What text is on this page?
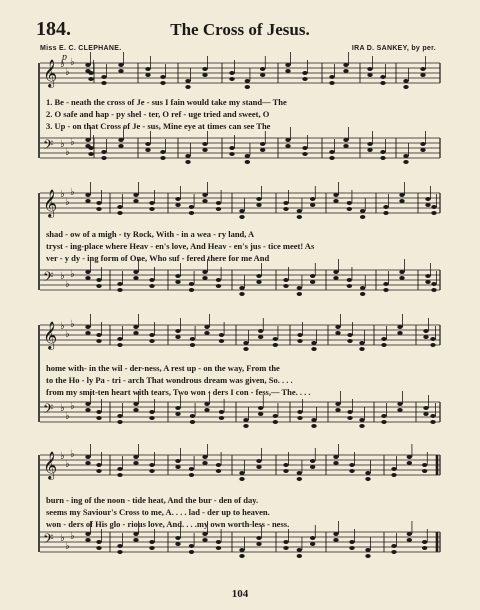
184.	The Cross of Jesus.
Miss E. C. CLEPHANE.	IRA D. SANKEY, by per.
𝄞 ♭
♭
♭
𝄢 ♭
♭
♭
𝄞 ♭
♭
♭
𝄢 ♭
♭
♭
𝄞 ♭
♭
♭
𝄢 ♭
♭
♭
𝄞 ♭
♭
♭
𝄢 ♭
♭
♭
p
1. Be - neath the cross of Je - sus I fain would take my stand— The
2. O safe and hap - py shel - ter, O ref - uge tried and sweet, O
3. Up - on that Cross of Je - sus, Mine eye at times can see The
shad - ow of a migh - ty Rock, With - in a wea - ry land, A
tryst - ing-place where Heav - en's love, And Heav - en's jus - tice meet! As
ver - y dy - ing form of One, Who suf - fered there for me And
home with- in the wil - der-ness, A rest up - on the way, From the
to the Ho - ly Pa - tri - arch That wondrous dream was given, So. . . .
from my smit-ten heart with tears, Two won - ders I con - fess,— The. . . .
burn - ing of the noon - tide heat, And the bur - den of day.
seems my Saviour's Cross to me, A. . . . lad - der up to heaven.
won - ders of His glo - rious love, And. . . .my own worth-less - ness.
104
